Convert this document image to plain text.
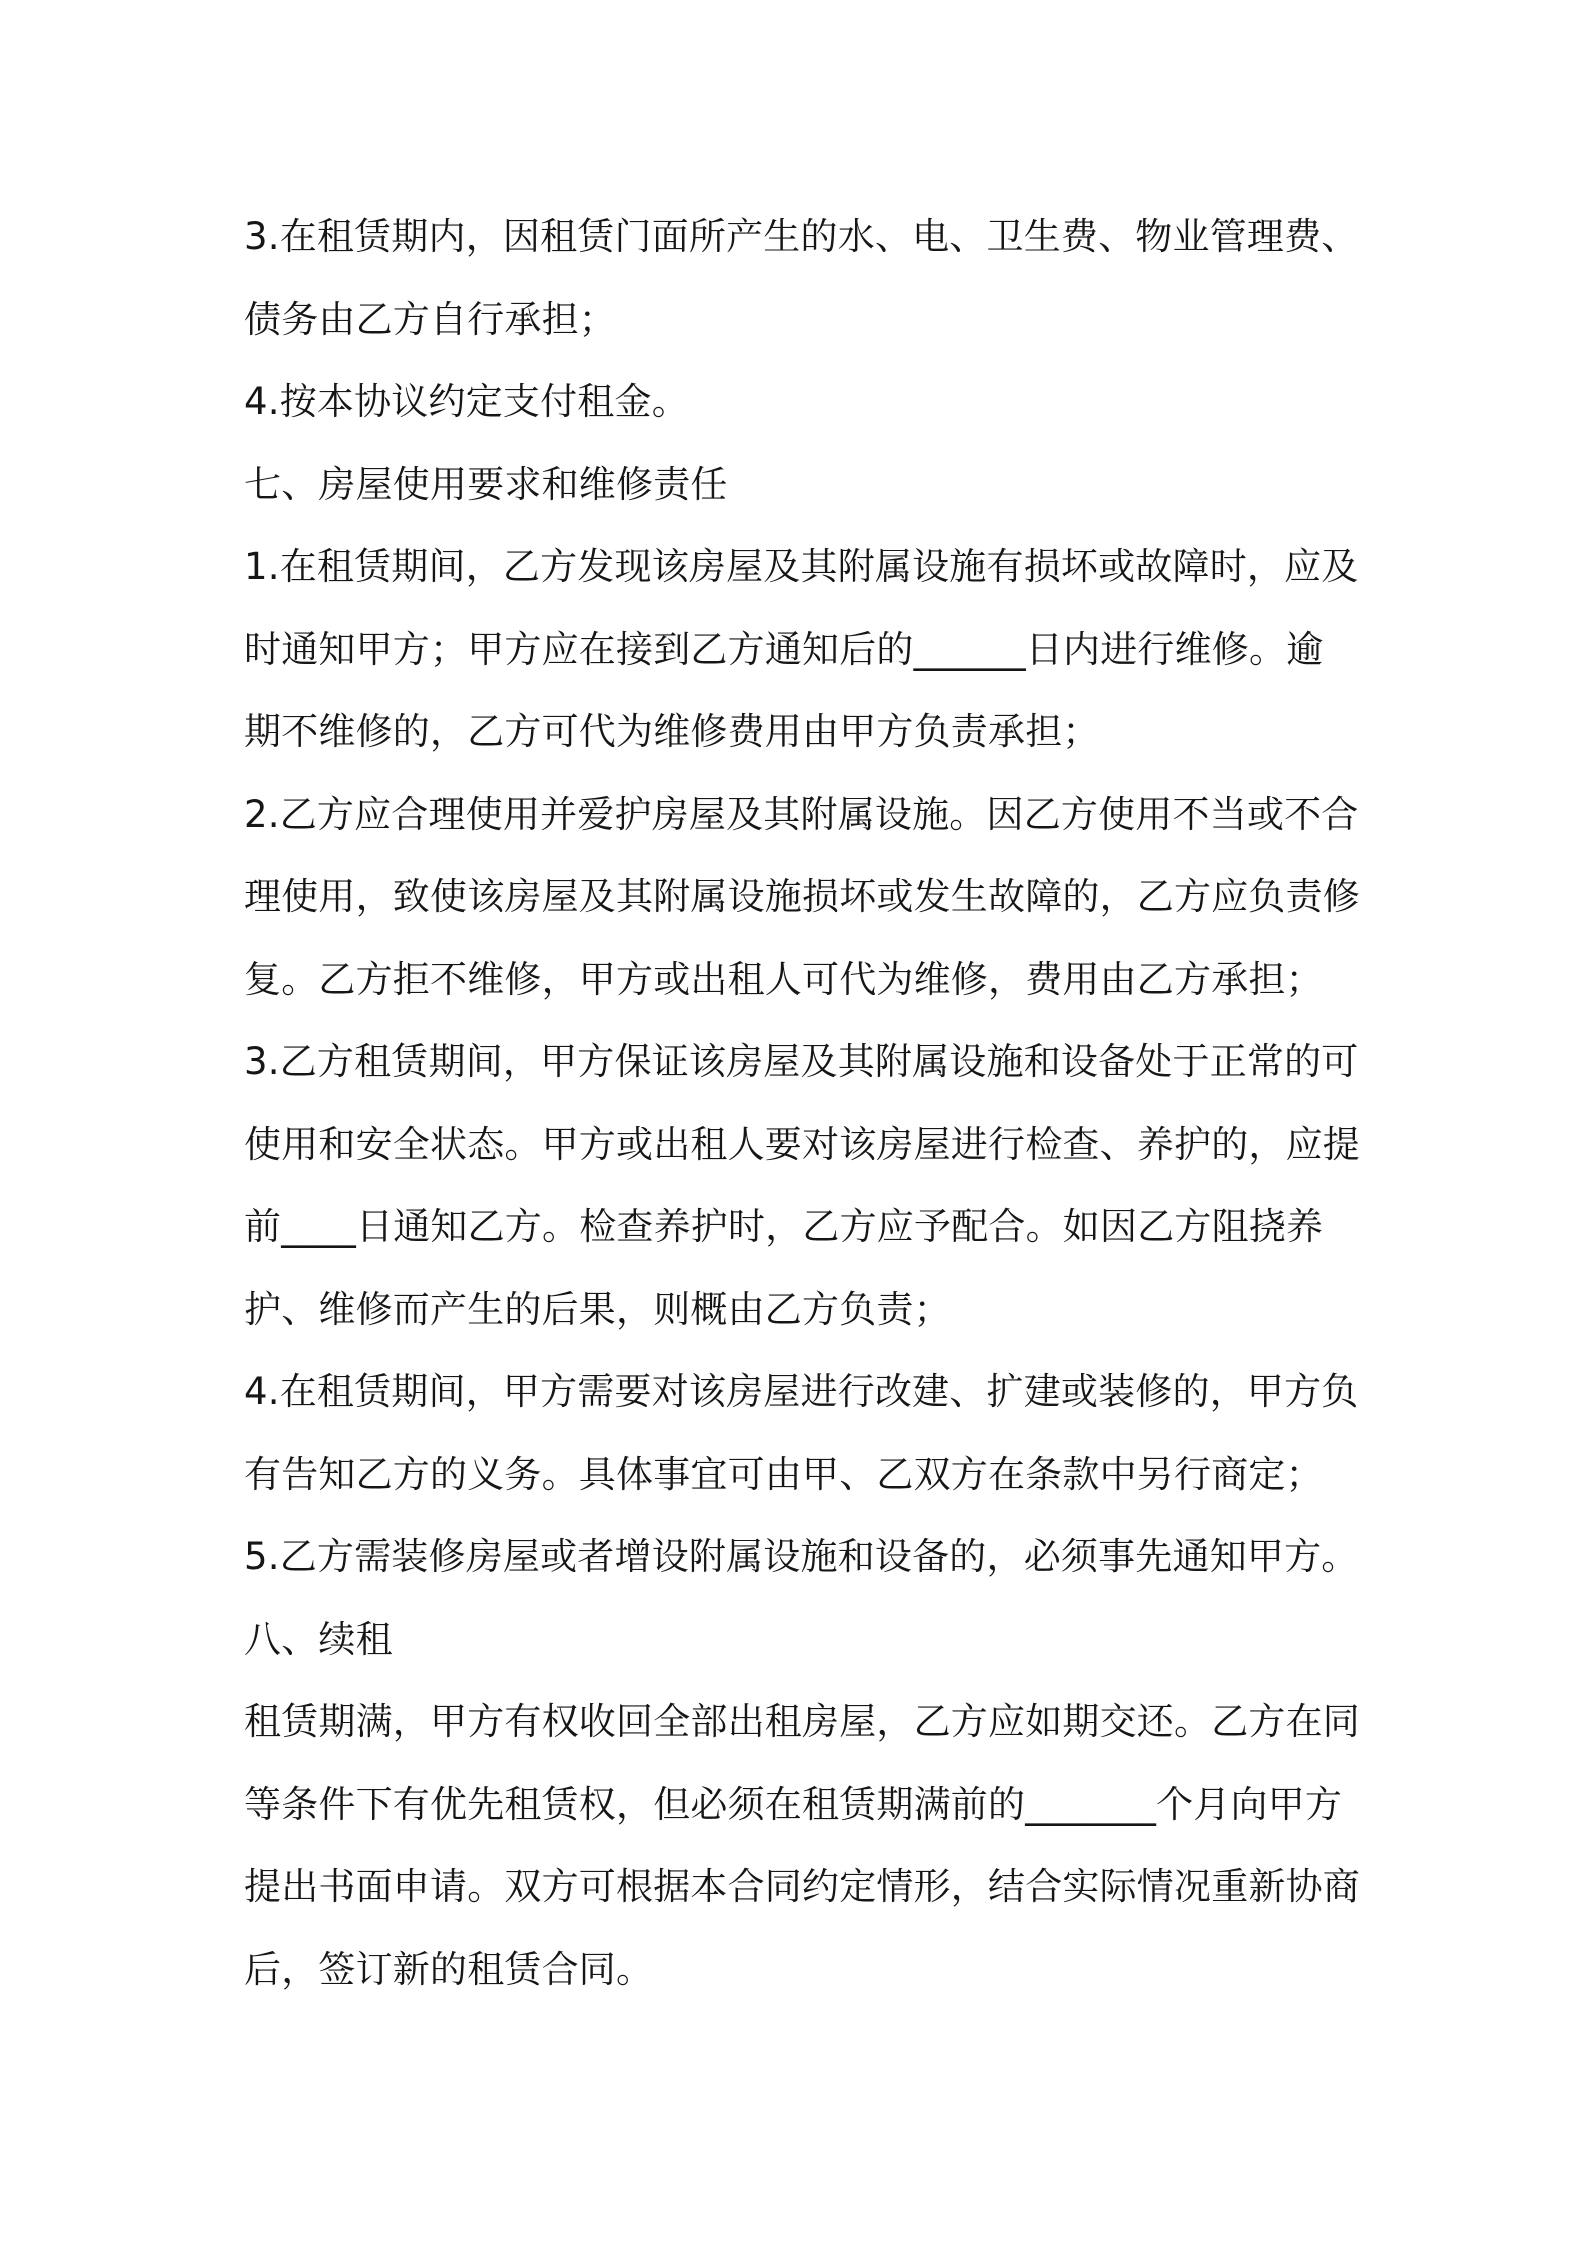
3.在租赁期内，因租赁门面所产生的水、电、卫生费、物业管理费、
债务由乙方自行承担；
4.按本协议约定支付租金。
七、房屋使用要求和维修责任
1.在租赁期间，乙方发现该房屋及其附属设施有损坏或故障时，应及
时通知甲方；甲方应在接到乙方通知后的______日内进行维修。逾
期不维修的，乙方可代为维修费用由甲方负责承担；
2.乙方应合理使用并爱护房屋及其附属设施。因乙方使用不当或不合
理使用，致使该房屋及其附属设施损坏或发生故障的，乙方应负责修
复。乙方拒不维修，甲方或出租人可代为维修，费用由乙方承担；
3.乙方租赁期间，甲方保证该房屋及其附属设施和设备处于正常的可
使用和安全状态。甲方或出租人要对该房屋进行检查、养护的，应提
前____日通知乙方。检查养护时，乙方应予配合。如因乙方阻挠养
护、维修而产生的后果，则概由乙方负责；
4.在租赁期间，甲方需要对该房屋进行改建、扩建或装修的，甲方负
有告知乙方的义务。具体事宜可由甲、乙双方在条款中另行商定；
5.乙方需装修房屋或者增设附属设施和设备的，必须事先通知甲方。
八、续租
租赁期满，甲方有权收回全部出租房屋，乙方应如期交还。乙方在同
等条件下有优先租赁权，但必须在租赁期满前的_______个月向甲方
提出书面申请。双方可根据本合同约定情形，结合实际情况重新协商
后，签订新的租赁合同。
